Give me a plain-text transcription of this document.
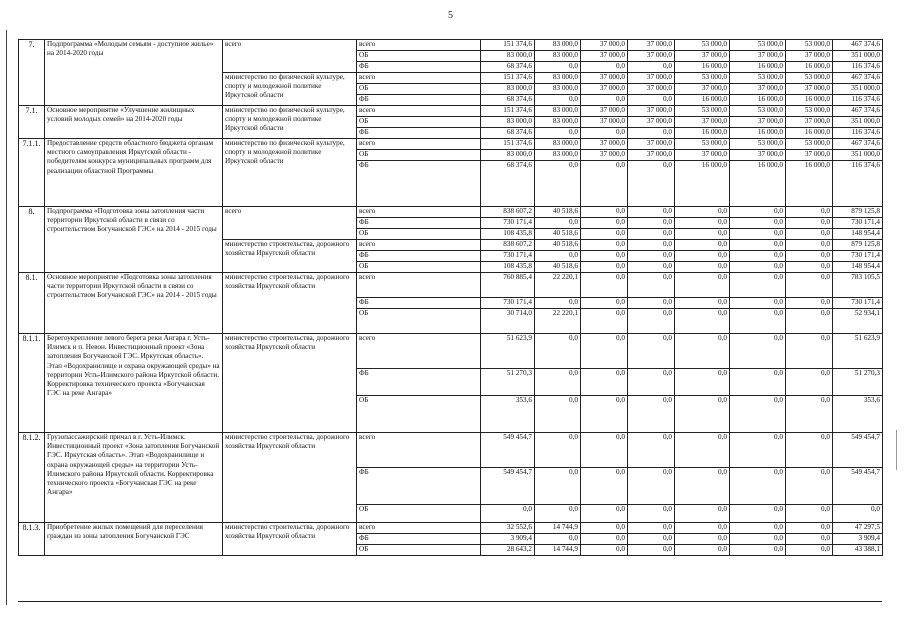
5
7.	Подпрограмма «Молодым семьям - доступное жилье» на 2014-2020 годы	всего	всего	151 374,6	83 000,0	37 000,0	37 000,0	53 000,0	53 000,0	53 000,0	467 374,6
			ОБ	83 000,0	83 000,0	37 000,0	37 000,0	37 000,0	37 000,0	37 000,0	351 000,0
			ФБ	68 374,6	0,0	0,0	0,0	16 000,0	16 000,0	16 000,0	116 374,6
		министерство по физической культуре, спорту и молодежной политике Иркутской области	всего	151 374,6	83 000,0	37 000,0	37 000,0	53 000,0	53 000,0	53 000,0	467 374,6
			ОБ	83 000,0	83 000,0	37 000,0	37 000,0	37 000,0	37 000,0	37 000,0	351 000,0
			ФБ	68 374,6	0,0	0,0	0,0	16 000,0	16 000,0	16 000,0	116 374,6
7.1.	Основное мероприятие «Улучшение жилищных условий молодых семей» на 2014-2020 годы	министерство по физической культуре, спорту и молодежной политике Иркутской области	всего	151 374,6	83 000,0	37 000,0	37 000,0	53 000,0	53 000,0	53 000,0	467 374,6
			ОБ	83 000,0	83 000,0	37 000,0	37 000,0	37 000,0	37 000,0	37 000,0	351 000,0
			ФБ	68 374,6	0,0	0,0	0,0	16 000,0	16 000,0	16 000,0	116 374,6
7.1.1.	Предоставление средств областного бюджета органам местного самоуправления Иркутской области - победителям конкурса муниципальных программ для реализации областной Программы	министерство по физической культуре, спорту и молодежной политике Иркутской области	всего	151 374,6	83 000,0	37 000,0	37 000,0	53 000,0	53 000,0	53 000,0	467 374,6
			ОБ	83 000,0	83 000,0	37 000,0	37 000,0	37 000,0	37 000,0	37 000,0	351 000,0
			ФБ	68 374,6	0,0	0,0	0,0	16 000,0	16 000,0	16 000,0	116 374,6
8.	Подпрограмма «Подготовка зоны затопления части территории Иркутской области в связи со строительством Богучанской ГЭС» на 2014 - 2015 годы	всего	всего	838 607,2	40 518,6	0,0	0,0	0,0	0,0	0,0	879 125,8
			ФБ	730 171,4	0,0	0,0	0,0	0,0	0,0	0,0	730 171,4
			ОБ	108 435,8	40 518,6	0,0	0,0	0,0	0,0	0,0	148 954,4
		министерство строительства, дорожного хозяйства Иркутской области	всего	838 607,2	40 518,6	0,0	0,0	0,0	0,0	0,0	879 125,8
			ФБ	730 171,4	0,0	0,0	0,0	0,0	0,0	0,0	730 171,4
			ОБ	108 435,8	40 518,6	0,0	0,0	0,0	0,0	0,0	148 954,4
8.1.	Основное мероприятие «Подготовка зоны затопления части территории Иркутской области в связи со строительством Богучанской ГЭС» на 2014 - 2015 годы	министерство строительства, дорожного хозяйства Иркутской области	всего	760 885,4	22 220,1	0,0	0,0	0,0	0,0	0,0	783 105,5
			ФБ	730 171,4	0,0	0,0	0,0	0,0	0,0	0,0	730 171,4
			ОБ	30 714,0	22 220,1	0,0	0,0	0,0	0,0	0,0	52 934,1
8.1.1.	Берегоукрепление левого берега реки Ангара г. Усть-Илимск и п. Невон. Инвестиционный проект «Зона затопления Богучанской ГЭС. Иркутская область». Этап «Водохранилище и охрана окружающей среды» на территории Усть-Илимского района Иркутской области. Корректировка технического проекта «Богучанская ГЭС на реке Ангара»	министерство строительства, дорожного хозяйства Иркутской области	всего	51 623,9	0,0	0,0	0,0	0,0	0,0	0,0	51 623,9
			ФБ	51 270,3	0,0	0,0	0,0	0,0	0,0	0,0	51 270,3
			ОБ	353,6	0,0	0,0	0,0	0,0	0,0	0,0	353,6
8.1.2.	Грузопассажирский причал в г. Усть-Илимск. Инвестиционный проект «Зона затопления Богучанской ГЭС. Иркутская область». Этап «Водохранилище и охрана окружающей среды» на территории Усть-Илимского района Иркутской области. Корректировка технического проекта «Богучанская ГЭС на реке Ангара»	министерство строительства, дорожного хозяйства Иркутской области	всего	549 454,7	0,0	0,0	0,0	0,0	0,0	0,0	549 454,7
			ФБ	549 454,7	0,0	0,0	0,0	0,0	0,0	0,0	549 454,7
			ОБ	0,0	0,0	0,0	0,0	0,0	0,0	0,0	0,0
8.1.3.	Приобретение жилых помещений для переселения граждан из зоны затопления Богучанской ГЭС	министерство строительства, дорожного хозяйства Иркутской области	всего	32 552,6	14 744,9	0,0	0,0	0,0	0,0	0,0	47 297,5
			ФБ	3 909,4	0,0	0,0	0,0	0,0	0,0	0,0	3 909,4
			ОБ	28 643,2	14 744,9	0,0	0,0	0,0	0,0	0,0	43 388,1
